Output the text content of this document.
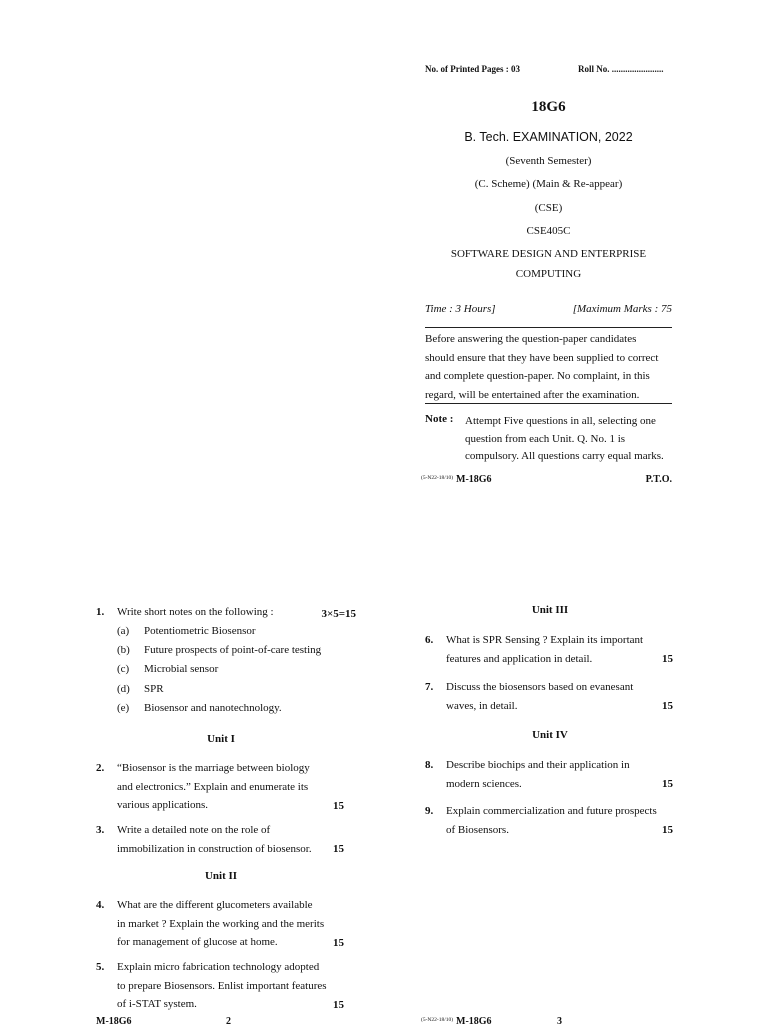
No. of Printed Pages : 03	Roll No. .......................
18G6
B. Tech. EXAMINATION, 2022
(Seventh Semester)
(C. Scheme) (Main & Re-appear)
(CSE)
CSE405C
SOFTWARE DESIGN AND ENTERPRISE
COMPUTING
Time : 3 Hours]	[Maximum Marks : 75
Before answering the question-paper candidates
should ensure that they have been supplied to correct
and complete question-paper. No complaint, in this
regard, will be entertained after the examination.
Note : Attempt Five questions in all, selecting one
question from each Unit. Q. No. 1 is
compulsory. All questions carry equal marks.
(5-N22-18/10) M-18G6	P.T.O.
1. Write short notes on the following :	3×5=15
(a) Potentiometric Biosensor
(b) Future prospects of point-of-care testing
(c) Microbial sensor
(d) SPR
(e) Biosensor and nanotechnology.
Unit I
2. “Biosensor is the marriage between biology
and electronics.” Explain and enumerate its
various applications.	15
3. Write a detailed note on the role of
immobilization in construction of biosensor.	15
Unit II
4. What are the different glucometers available
in market ? Explain the working and the merits
for management of glucose at home.	15
5. Explain micro fabrication technology adopted
to prepare Biosensors. Enlist important features
of i-STAT system.	15
M-18G6	2
Unit III
6. What is SPR Sensing ? Explain its important
features and application in detail.	15
7. Discuss the biosensors based on evanesant
waves, in detail.	15
Unit IV
8. Describe biochips and their application in
modern sciences.	15
9. Explain commercialization and future prospects
of Biosensors.	15
(5-N22-18/10) M-18G6	3
